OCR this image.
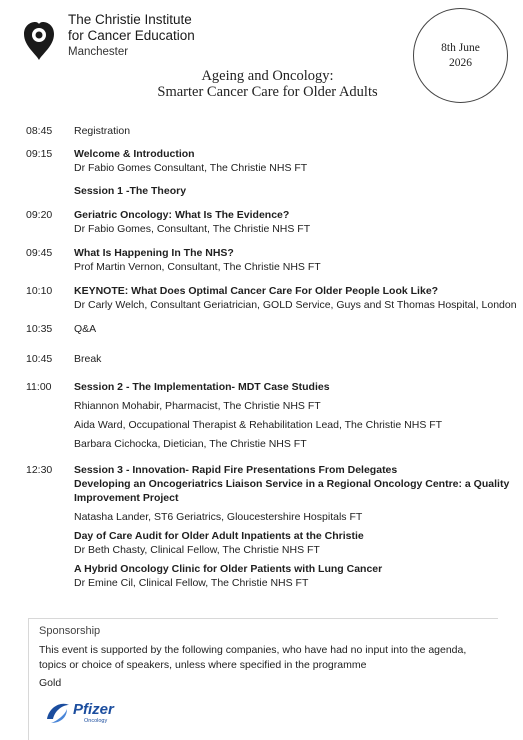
The Christie Institute
for Cancer Education
Manchester	8th June
2026
Ageing and Oncology:
Smarter Cancer Care for Older Adults
08:45	Registration
09:15	Welcome & Introduction
Dr Fabio Gomes Consultant, The Christie NHS FT
Session 1 -The Theory
09:20	Geriatric Oncology: What Is The Evidence?
Dr Fabio Gomes, Consultant, The Christie NHS FT
09:45	What Is Happening In The NHS?
Prof Martin Vernon, Consultant, The Christie NHS FT
10:10	KEYNOTE: What Does Optimal Cancer Care For Older People Look Like?
Dr Carly Welch, Consultant Geriatrician, GOLD Service, Guys and St Thomas Hospital, London
10:35	Q&A
10:45	Break
11:00	Session 2 - The Implementation- MDT Case Studies
Rhiannon Mohabir, Pharmacist, The Christie NHS FT
Aida Ward, Occupational Therapist & Rehabilitation Lead, The Christie NHS FT
Barbara Cichocka, Dietician, The Christie NHS FT
12:30	Session 3 - Innovation- Rapid Fire Presentations From Delegates
Developing an Oncogeriatrics Liaison Service in a Regional Oncology Centre: a Quality
Improvement Project
Natasha Lander, ST6 Geriatrics, Gloucestershire Hospitals FT
Day of Care Audit for Older Adult Inpatients at the Christie
Dr Beth Chasty, Clinical Fellow, The Christie NHS FT
A Hybrid Oncology Clinic for Older Patients with Lung Cancer
Dr Emine Cil, Clinical Fellow, The Christie NHS FT
Sponsorship
This event is supported by the following companies, who have had no input into the agenda, topics or choice of speakers, unless where specified in the programme
Gold
Pfizer
Oncology
